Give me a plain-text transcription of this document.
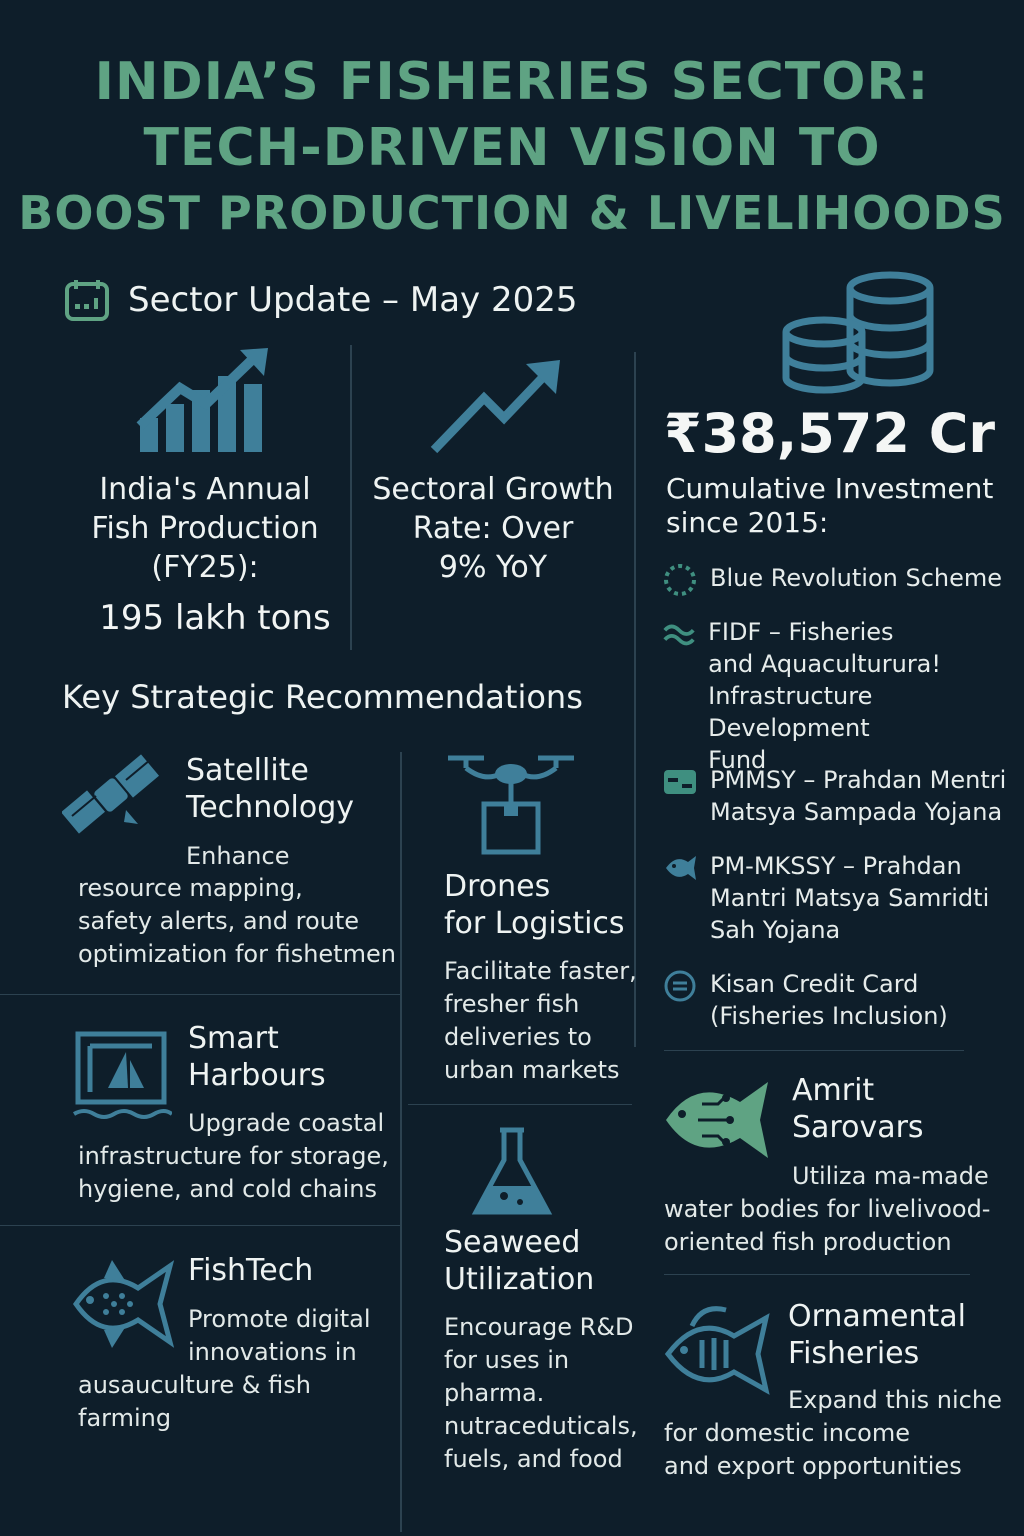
INDIA’S FISHERIES SECTOR:
TECH-DRIVEN VISION TO
BOOST PRODUCTION & LIVELIHOODS
Sector Update – May 2025
India's Annual
Fish Production
(FY25):
195 lakh tons
Sectoral Growth
Rate: Over
9% YoY
₹38,572 Cr
Cumulative Investment
since 2015:
Blue Revolution Scheme
FIDF – Fisheries
and Aquaculturura!
Infrastructure Development
Fund
PMMSY – Prahdan Mentri
Matsya Sampada Yojana
PM-MKSSY – Prahdan
Mantri Matsya Samridti
Sah Yojana
Kisan Credit Card
(Fisheries Inclusion)
Key Strategic Recommendations
Satellite
Technology
Enhance
resource mapping,
safety alerts, and route
optimization for fishetmen
Smart
Harbours
Upgrade coastal
infrastructure for storage,
hygiene, and cold chains
FishTech
Promote digital
innovations in
ausauculture & fish
farming
Drones
for Logistics
Facilitate faster,
fresher fish
deliveries to
urban markets
Seaweed
Utilization
Encourage R&D
for uses in
pharma.
nutraceduticals,
fuels, and food
Amrit
Sarovars
Utiliza ma-made
water bodies for livelivood-
oriented fish production
Ornamental
Fisheries
Expand this niche
for domestic income
and export opportunities
